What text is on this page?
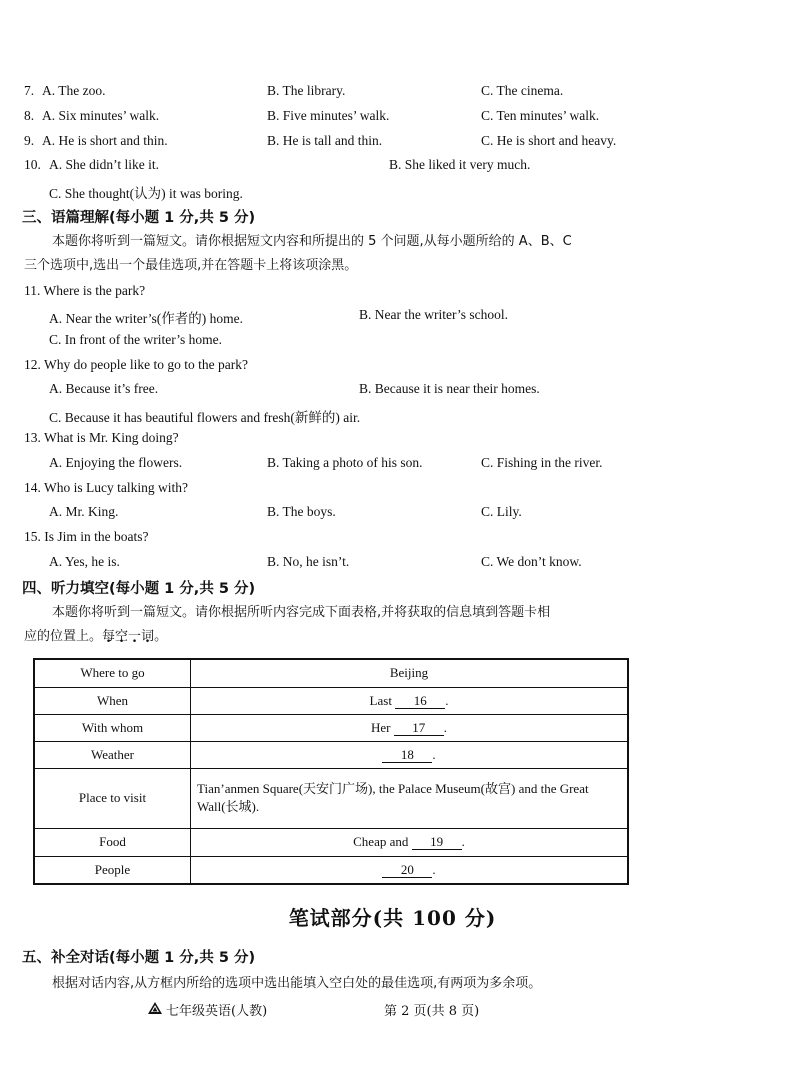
7. A. The zoo.	B. The library.	C. The cinema.
8. A. Six minutes’ walk.	B. Five minutes’ walk.	C. Ten minutes’ walk.
9. A. He is short and thin.	B. He is tall and thin.	C. He is short and heavy.
10. A. She didn’t like it.	B. She liked it very much.
C. She thought(认为) it was boring.
三、语篇理解(每小题 1 分,共 5 分)
本题你将听到一篇短文。请你根据短文内容和所提出的 5 个问题,从每小题所给的 A、B、C
三个选项中,选出一个最佳选项,并在答题卡上将该项涂黑。
11. Where is the park?
A. Near the writer’s(作者的) home.	B. Near the writer’s school.
C. In front of the writer’s home.
12. Why do people like to go to the park?
A. Because it’s free.	B. Because it is near their homes.
C. Because it has beautiful flowers and fresh(新鲜的) air.
13. What is Mr. King doing?
A. Enjoying the flowers.	B. Taking a photo of his son.	C. Fishing in the river.
14. Who is Lucy talking with?
A. Mr. King.	B. The boys.	C. Lily.
15. Is Jim in the boats?
A. Yes, he is.	B. No, he isn’t.	C. We don’t know.
四、听力填空(每小题 1 分,共 5 分)
本题你将听到一篇短文。请你根据所听内容完成下面表格,并将获取的信息填到答题卡相
应的位置上。每空一词。
Where to go	Beijing
When	Last 16 .
With whom	Her 17 .
Weather	18 .
Place to visit	Tian’anmen Square(天安门广场), the Palace Museum(故宫) and the Great Wall(长城).
Food	Cheap and 19 .
People	20 .
笔试部分(共 100 分)
五、补全对话(每小题 1 分,共 5 分)
根据对话内容,从方框内所给的选项中选出能填入空白处的最佳选项,有两项为多余项。
七年级英语(人教)	第 2 页(共 8 页)
